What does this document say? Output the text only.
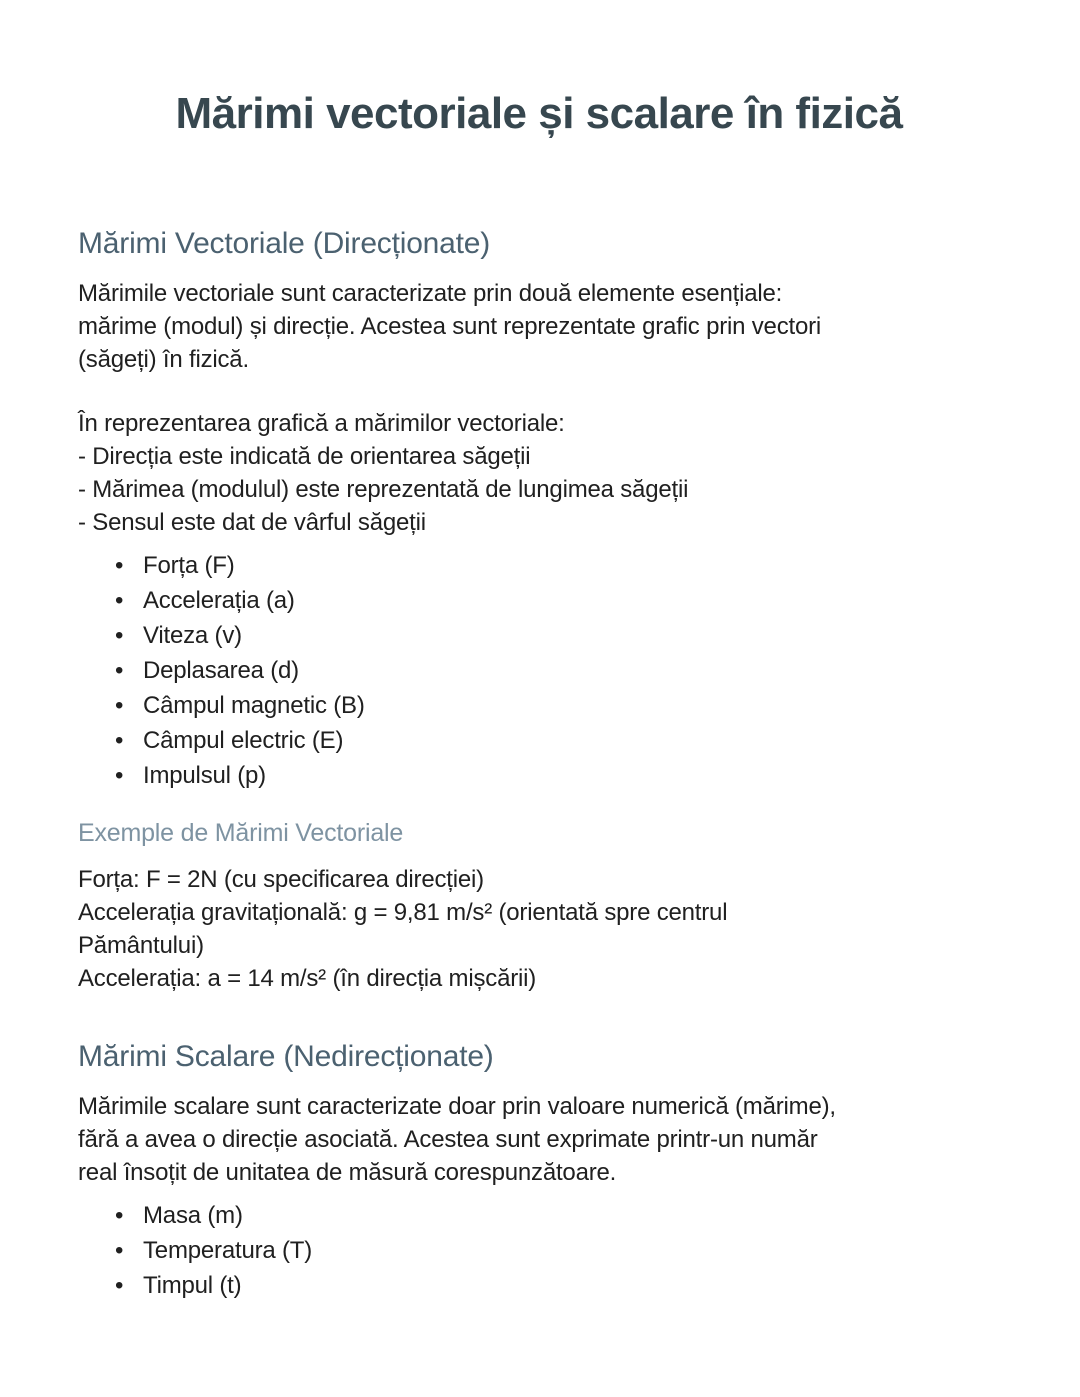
Mărimi vectoriale și scalare în fizică
Mărimi Vectoriale (Direcționate)
Mărimile vectoriale sunt caracterizate prin două elemente esențiale:
mărime (modul) și direcție. Acestea sunt reprezentate grafic prin vectori
(săgeți) în fizică.
În reprezentarea grafică a mărimilor vectoriale:
- Direcția este indicată de orientarea săgeții
- Mărimea (modulul) este reprezentată de lungimea săgeții
- Sensul este dat de vârful săgeții
• Forța (F)
• Accelerația (a)
• Viteza (v)
• Deplasarea (d)
• Câmpul magnetic (B)
• Câmpul electric (E)
• Impulsul (p)
Exemple de Mărimi Vectoriale
Forța: F = 2N (cu specificarea direcției)
Accelerația gravitațională: g = 9,81 m/s² (orientată spre centrul
Pământului)
Accelerația: a = 14 m/s² (în direcția mișcării)
Mărimi Scalare (Nedirecționate)
Mărimile scalare sunt caracterizate doar prin valoare numerică (mărime),
fără a avea o direcție asociată. Acestea sunt exprimate printr-un număr
real însoțit de unitatea de măsură corespunzătoare.
• Masa (m)
• Temperatura (T)
• Timpul (t)
